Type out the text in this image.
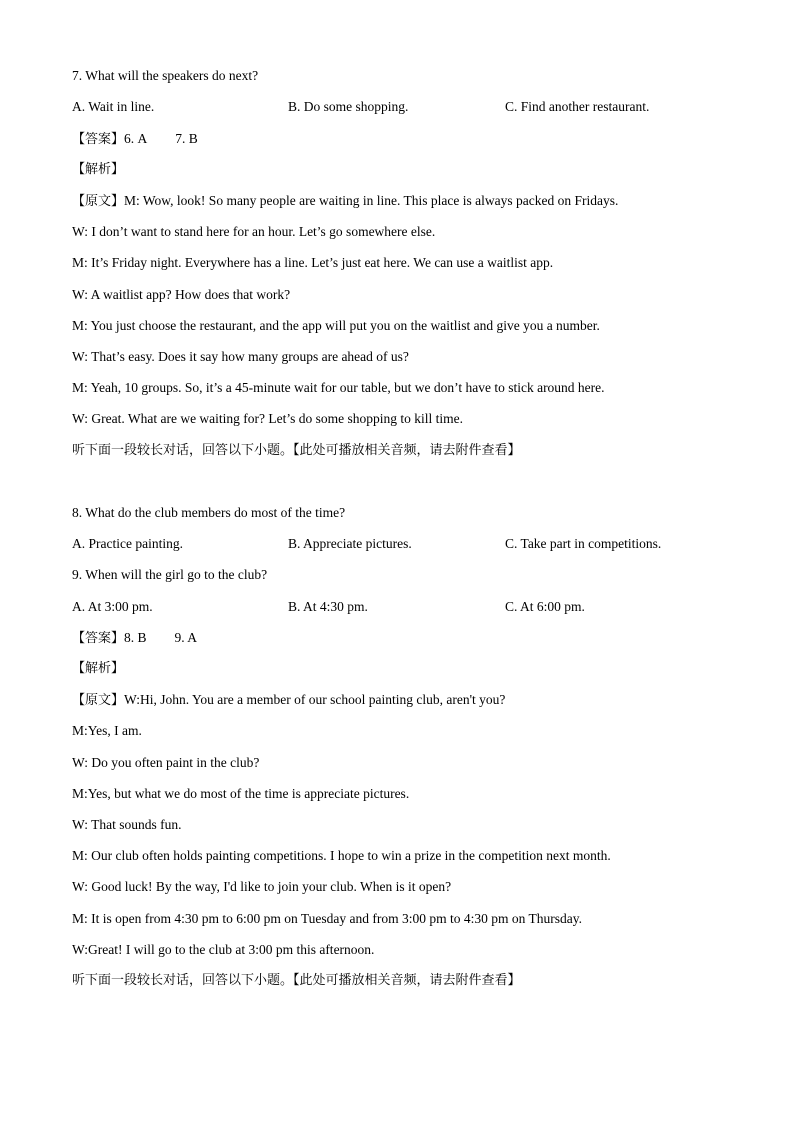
7. What will the speakers do next?
A. Wait in line.	B. Do some shopping.	C. Find another restaurant.
【答案】6. A 7. B
【解析】
【原文】M: Wow, look! So many people are waiting in line. This place is always packed on Fridays.
W: I don’t want to stand here for an hour. Let’s go somewhere else.
M: It’s Friday night. Everywhere has a line. Let’s just eat here. We can use a waitlist app.
W: A waitlist app? How does that work?
M: You just choose the restaurant, and the app will put you on the waitlist and give you a number.
W: That’s easy. Does it say how many groups are ahead of us?
M: Yeah, 10 groups. So, it’s a 45-minute wait for our table, but we don’t have to stick around here.
W: Great. What are we waiting for? Let’s do some shopping to kill time.
听下面一段较长对话，回答以下小题。【此处可播放相关音频，请去附件查看】
8. What do the club members do most of the time?
A. Practice painting.	B. Appreciate pictures.	C. Take part in competitions.
9. When will the girl go to the club?
A. At 3:00 pm.	B. At 4:30 pm.	C. At 6:00 pm.
【答案】8. B 9. A
【解析】
【原文】W:Hi, John. You are a member of our school painting club, aren't you?
M:Yes, I am.
W: Do you often paint in the club?
M:Yes, but what we do most of the time is appreciate pictures.
W: That sounds fun.
M: Our club often holds painting competitions. I hope to win a prize in the competition next month.
W: Good luck! By the way, I'd like to join your club. When is it open?
M: It is open from 4:30 pm to 6:00 pm on Tuesday and from 3:00 pm to 4:30 pm on Thursday.
W:Great! I will go to the club at 3:00 pm this afternoon.
听下面一段较长对话，回答以下小题。【此处可播放相关音频，请去附件查看】
